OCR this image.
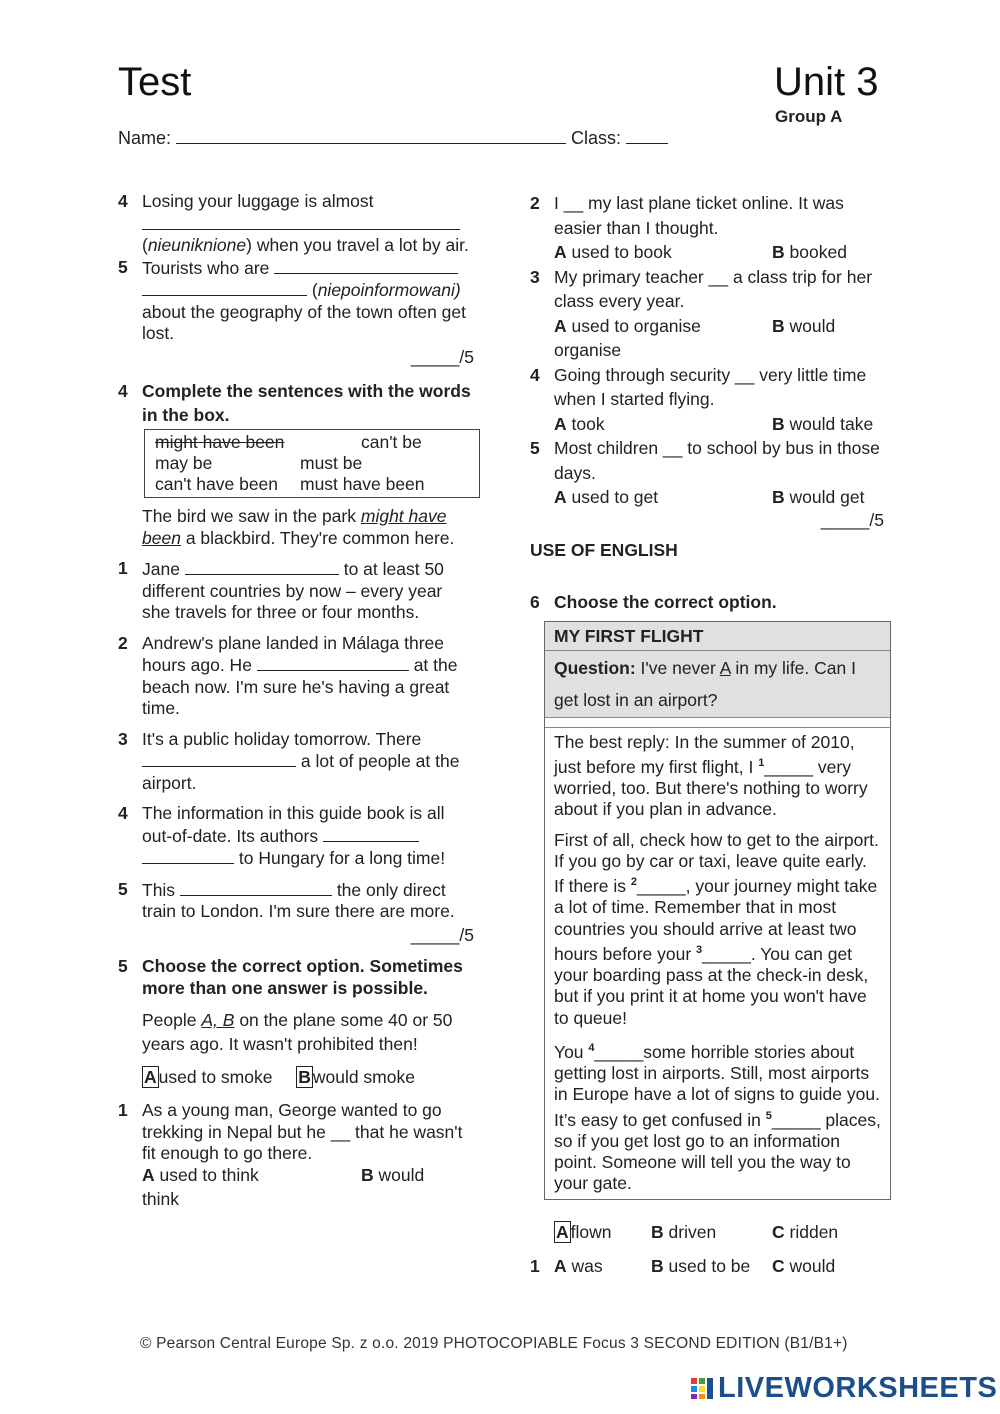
Test	Unit 3
Group A
Name:	Class:
4 Losing your luggage is almost

(nieuniknione) when you travel a lot by air.
5 Tourists who are
(niepoinformowani)
about the geography of the town often get lost.
_____/5
4 Complete the sentences with the words in the box.
might have been	can't be
may be	must be
can't have been	must have been
The bird we saw in the park might have been a blackbird. They're common here.
1 Jane	to at least 50 different countries by now – every year she travels for three or four months.
2 Andrew's plane landed in Málaga three hours ago. He	at the beach now. I'm sure he's having a great time.
3 It's a public holiday tomorrow. There
a lot of people at the airport.
4 The information in this guide book is all out-of-date. Its authors
to Hungary for a long time!
5 This	the only direct train to London. I'm sure there are more.
_____/5
5 Choose the correct option. Sometimes more than one answer is possible.
People A, B on the plane some 40 or 50 years ago. It wasn't prohibited then!
A used to smoke B would smoke
1 As a young man, George wanted to go trekking in Nepal but he __ that he wasn't fit enough to go there.
A used to think	B would
think
2 I __ my last plane ticket online. It was easier than I thought.
A used to book	B booked
3 My primary teacher __ a class trip for her class every year.
A used to organise	B would
organise
4 Going through security __ very little time when I started flying.
A took	B would take
5 Most children __ to school by bus in those days.
A used to get	B would get
_____/5
USE OF ENGLISH
6 Choose the correct option.
MY FIRST FLIGHT
Question: I've never A in my life. Can I get lost in an airport?

The best reply: In the summer of 2010, just before my first flight, I $^1$_____ very worried, too. But there's nothing to worry about if you plan in advance.

First of all, check how to get to the airport. If you go by car or taxi, leave quite early. If there is $^2$_____, your journey might take a lot of time. Remember that in most countries you should arrive at least two hours before your $^3$_____. You can get your boarding pass at the check-in desk, but if you print it at home you won't have to queue!

You $^4$_____some horrible stories about getting lost in airports. Still, most airports in Europe have a lot of signs to guide you. It’s easy to get confused in $^5$_____ places, so if you get lost go to an information point. Someone will tell you the way to your gate.

A flown B driven	C ridden
1 A was	B used to be C would
© Pearson Central Europe Sp. z o.o. 2019 PHOTOCOPIABLE Focus 3 SECOND EDITION (B1/B1+)
LIVEWORKSHEETS
